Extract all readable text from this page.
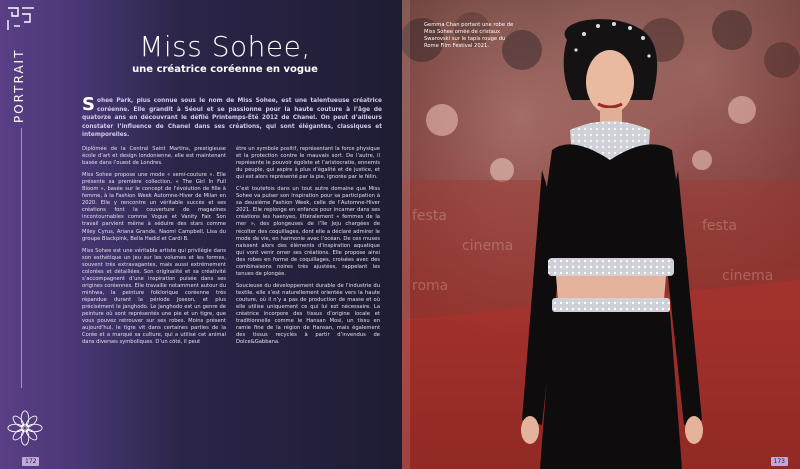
PORTRAIT
Miss Sohee,
une créatrice coréenne en vogue

Sohee Park, plus connue sous le nom de Miss Sohee, est une talentueuse créatrice coréenne. Elle grandit à Séoul et se passionne pour la haute couture à l’âge de quatorze ans en découvrant le défilé Printemps-Été 2012 de Chanel. On peut d’ailleurs constater l’influence de Chanel dans ses créations, qui sont élégantes, classiques et intemporelles.

Diplômée de la Central Saint Martins, prestigieuse école d’art et design londonienne, elle est maintenant basée dans l’ouest de Londres.

Miss Sohee propose une mode « semi-couture ». Elle présente sa première collection, « The Girl In Full Bloom », basée sur le concept de l’évolution de fille à femme, à la Fashion Week Automne-Hiver de Milan en 2020. Elle y rencontre un véritable succès et ses créations font la couverture de magazines incontournables comme Vogue et Vanity Fair. Son travail parvient même à séduire des stars comme Miley Cyrus, Ariana Grande, Naomi Campbell, Lisa du groupe Blackpink, Bella Hadid et Cardi B.

Miss Sohee est une véritable artiste qui privilégie dans son esthétique un jeu sur les volumes et les formes, souvent très extravagantes, mais aussi extrêmement colorées et détaillées. Son originalité et sa créativité s’accompagnent d’une inspiration puisée dans ses origines coréennes. Elle travaille notamment autour du minhwa, la peinture folklorique coréenne très répandue durant la période Joseon, et plus précisément le janghodo. Le janghodo est un genre de peinture où sont représentés une pie et un tigre, que vous pouvez retrouver sur ses robes. Moins présent aujourd’hui, le tigre vit dans certaines parties de la Corée et a marqué sa culture, qui a utilisé cet animal dans diverses symboliques. D’un côté, il peut

être un symbole positif, représentant la force physique et la protection contre le mauvais sort. De l’autre, il représente le pouvoir égoïste et l’aristocratie, ennemis du peuple, qui aspire à plus d’égalité et de justice, et qui est alors représenté par la pie, ignorée par le félin.

C’est toutefois dans un tout autre domaine que Miss Sohee va puiser son inspiration pour sa participation à sa deuxième Fashion Week, celle de l’Automne-Hiver 2021. Elle replonge en enfance pour incarner dans ses créations les haenyeo, littéralement « femmes de la mer », des plongeuses de l’île Jeju chargées de récolter des coquillages, dont elle a déclaré admirer le mode de vie, en harmonie avec l’océan. De ces muses naissent alors des éléments d’inspiration aquatique qui vont venir orner ses créations. Elle propose ainsi des robes en forme de coquillages, croisées avec des combinaisons noires très ajustées, rappelant les tenues de plongée.

Soucieuse du développement durable de l’industrie du textile, elle s’est naturellement orientée vers la haute couture, où il n’y a pas de production de masse et où elle utilise uniquement ce qui lui est nécessaire. La créatrice incorpore des tissus d’origine locale et traditionnelle comme le Hansan Mosi, un tissu en ramie fine de la région de Hansan, mais également des tissus recyclés à partir d’invendus de Dolce&Gabbana.

172
festa
cinema
roma
festa
cinema

Gemma Chan portant une robe de Miss Sohee ornée de cristaux Swarovski sur le tapis rouge du Rome Film Festival 2021.

173
